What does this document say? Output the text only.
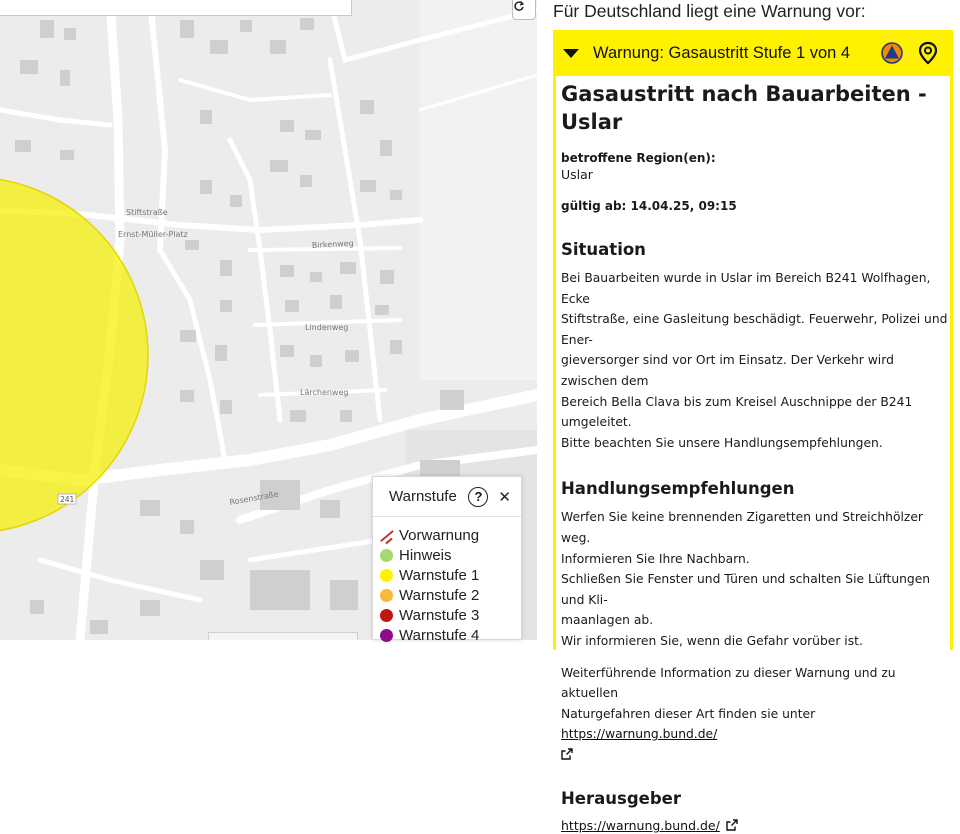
241
Ernst-Müller-Platz
Birkenweg
Lindenweg
Lärchenweg
Rosenstraße
Stiftstraße
Warnstufe	?	✕
Vorwarnung
Hinweis
Warnstufe 1
Warnstufe 2
Warnstufe 3
Warnstufe 4
Für Deutschland liegt eine Warnung vor:
Warnung: Gasaustritt Stufe 1 von 4
Gasaustritt nach Bauarbeiten - Uslar
betroffene Region(en):
Uslar
gültig ab: 14.04.25, 09:15
Situation
Bei Bauarbeiten wurde in Uslar im Bereich B241 Wolfhagen, Ecke
Stiftstraße, eine Gasleitung beschädigt. Feuerwehr, Polizei und Ener-
gieversorger sind vor Ort im Einsatz. Der Verkehr wird zwischen dem
Bereich Bella Clava bis zum Kreisel Auschnippe der B241 umgeleitet.
Bitte beachten Sie unsere Handlungsempfehlungen.
Handlungsempfehlungen
Werfen Sie keine brennenden Zigaretten und Streichhölzer weg.
Informieren Sie Ihre Nachbarn.
Schließen Sie Fenster und Türen und schalten Sie Lüftungen und Kli-
maanlagen ab.
Wir informieren Sie, wenn die Gefahr vorüber ist.
Weiterführende Information zu dieser Warnung und zu aktuellen
Naturgefahren dieser Art finden sie unter https://warnung.bund.de/
Herausgeber
https://warnung.bund.de/
